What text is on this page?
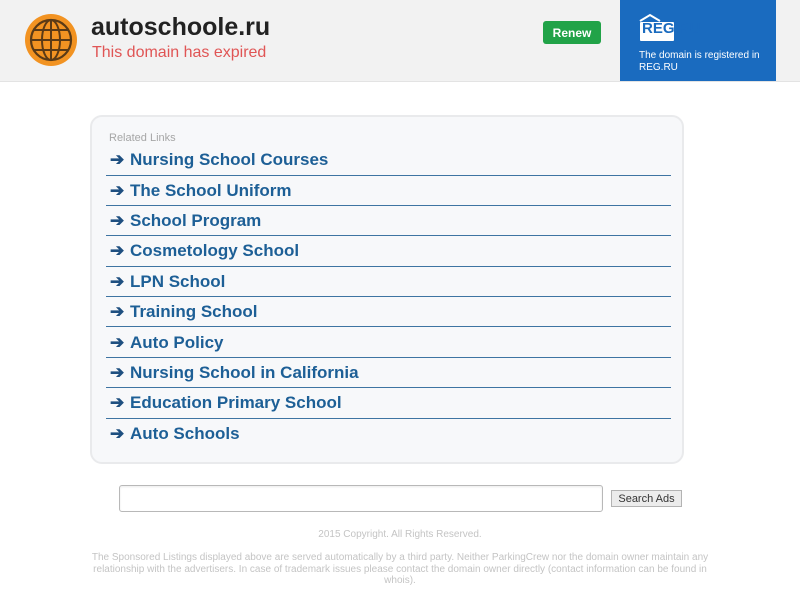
autoschoole.ru
This domain has expired
Renew	REG.RU
The domain is registered in REG.RU
Related Links
➔ Nursing School Courses
➔ The School Uniform
➔ School Program
➔ Cosmetology School
➔ LPN School
➔ Training School
➔ Auto Policy
➔ Nursing School in California
➔ Education Primary School
➔ Auto Schools
Search Ads
2015 Copyright. All Rights Reserved.
The Sponsored Listings displayed above are served automatically by a third party. Neither ParkingCrew nor the domain owner maintain any relationship with the advertisers. In case of trademark issues please contact the domain owner directly (contact information can be found in whois).
